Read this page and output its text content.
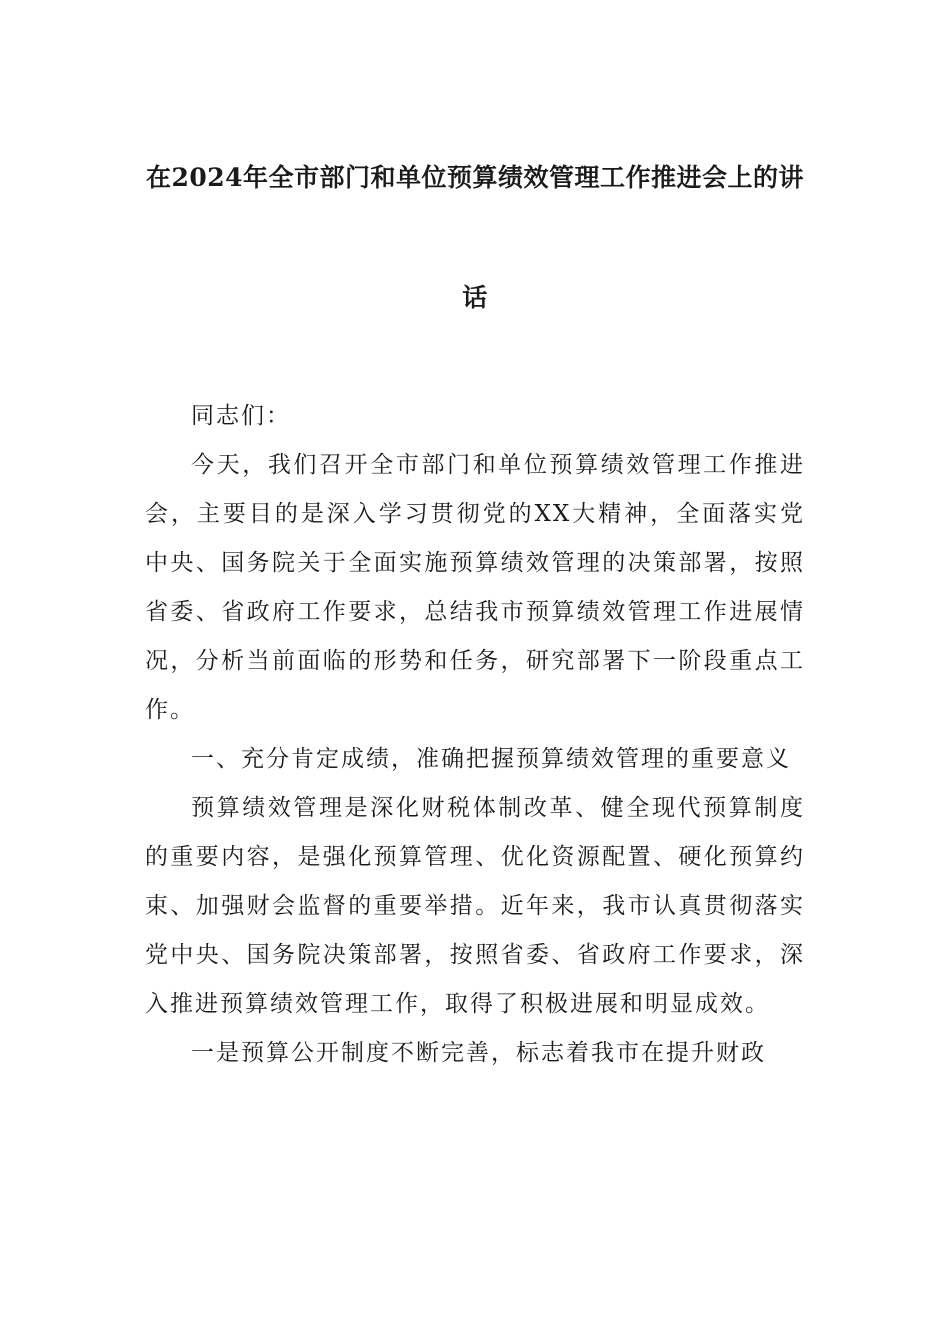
在2024年全市部门和单位预算绩效管理工作推进会上的讲
话

同志们：

今天，我们召开全市部门和单位预算绩效管理工作推进会，主要目的是深入学习贯彻党的XX大精神，全面落实党中央、国务院关于全面实施预算绩效管理的决策部署，按照省委、省政府工作要求，总结我市预算绩效管理工作进展情况，分析当前面临的形势和任务，研究部署下一阶段重点工作。

一、充分肯定成绩，准确把握预算绩效管理的重要意义

预算绩效管理是深化财税体制改革、健全现代预算制度的重要内容，是强化预算管理、优化资源配置、硬化预算约束、加强财会监督的重要举措。近年来，我市认真贯彻落实党中央、国务院决策部署，按照省委、省政府工作要求，深入推进预算绩效管理工作，取得了积极进展和明显成效。

一是预算公开制度不断完善，标志着我市在提升财政
